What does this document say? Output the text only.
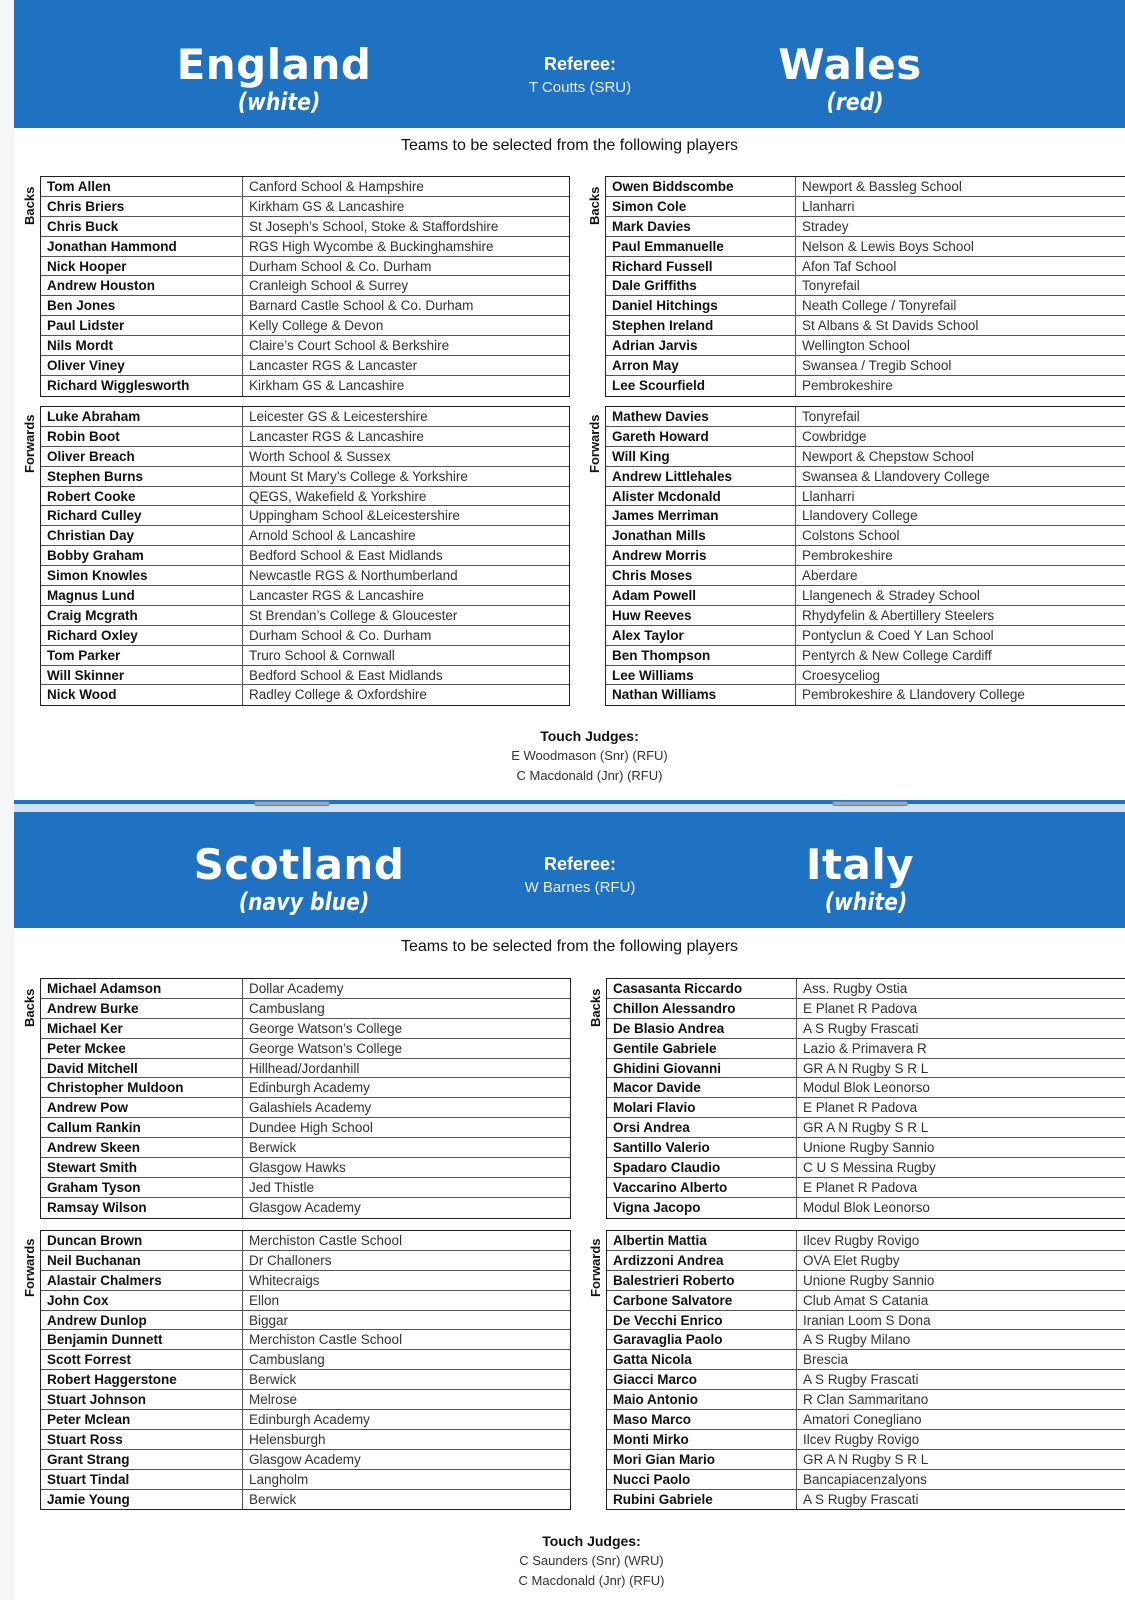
England
(white)
Referee:
T Coutts (SRU)	Wales
(red)
Teams to be selected from the following players
Backs
Tom Allen	Canford School & Hampshire
Chris Briers	Kirkham GS & Lancashire
Chris Buck	St Joseph’s School, Stoke & Staffordshire
Jonathan Hammond	RGS High Wycombe & Buckinghamshire
Nick Hooper	Durham School & Co. Durham
Andrew Houston	Cranleigh School & Surrey
Ben Jones	Barnard Castle School & Co. Durham
Paul Lidster	Kelly College & Devon
Nils Mordt	Claire’s Court School & Berkshire
Oliver Viney	Lancaster RGS & Lancaster
Richard Wigglesworth	Kirkham GS & Lancashire
Forwards Luke Abraham	Leicester GS & Leicestershire
Robin Boot	Lancaster RGS & Lancashire
Oliver Breach	Worth School & Sussex
Stephen Burns	Mount St Mary’s College & Yorkshire
Robert Cooke	QEGS, Wakefield & Yorkshire
Richard Culley	Uppingham School &Leicestershire
Christian Day	Arnold School & Lancashire
Bobby Graham	Bedford School & East Midlands
Simon Knowles	Newcastle RGS & Northumberland
Magnus Lund	Lancaster RGS & Lancashire
Craig Mcgrath	St Brendan’s College & Gloucester
Richard Oxley	Durham School & Co. Durham
Tom Parker	Truro School & Cornwall
Will Skinner	Bedford School & East Midlands
Nick Wood	Radley College & Oxfordshire
Backs
Owen Biddscombe	Newport & Bassleg School
Simon Cole	Llanharri
Mark Davies	Stradey
Paul Emmanuelle	Nelson & Lewis Boys School
Richard Fussell	Afon Taf School
Dale Griffiths	Tonyrefail
Daniel Hitchings	Neath College / Tonyrefail
Stephen Ireland	St Albans & St Davids School
Adrian Jarvis	Wellington School
Arron May	Swansea / Tregib School
Lee Scourfield	Pembrokeshire
Forwards Mathew Davies	Tonyrefail
Gareth Howard	Cowbridge
Will King	Newport & Chepstow School
Andrew Littlehales	Swansea & Llandovery College
Alister Mcdonald	Llanharri
James Merriman	Llandovery College
Jonathan Mills	Colstons School
Andrew Morris	Pembrokeshire
Chris Moses	Aberdare
Adam Powell	Llangenech & Stradey School
Huw Reeves	Rhydyfelin & Abertillery Steelers
Alex Taylor	Pontyclun & Coed Y Lan School
Ben Thompson	Pentyrch & New College Cardiff
Lee Williams	Croesyceliog
Nathan Williams	Pembrokeshire & Llandovery College
Touch Judges:
E Woodmason (Snr) (RFU)
C Macdonald (Jnr) (RFU)
Scotland
(navy blue)
Referee:
W Barnes (RFU)	Italy
(white)
Teams to be selected from the following players
Backs
Michael Adamson	Dollar Academy
Andrew Burke	Cambuslang
Michael Ker	George Watson’s College
Peter Mckee	George Watson’s College
David Mitchell	Hillhead/Jordanhill
Christopher Muldoon	Edinburgh Academy
Andrew Pow	Galashiels Academy
Callum Rankin	Dundee High School
Andrew Skeen	Berwick
Stewart Smith	Glasgow Hawks
Graham Tyson	Jed Thistle
Ramsay Wilson	Glasgow Academy
Forwards Duncan Brown	Merchiston Castle School
Neil Buchanan	Dr Challoners
Alastair Chalmers	Whitecraigs
John Cox	Ellon
Andrew Dunlop	Biggar
Benjamin Dunnett	Merchiston Castle School
Scott Forrest	Cambuslang
Robert Haggerstone	Berwick
Stuart Johnson	Melrose
Peter Mclean	Edinburgh Academy
Stuart Ross	Helensburgh
Grant Strang	Glasgow Academy
Stuart Tindal	Langholm
Jamie Young	Berwick
Backs
Casasanta Riccardo	Ass. Rugby Ostia
Chillon Alessandro	E Planet R Padova
De Blasio Andrea	A S Rugby Frascati
Gentile Gabriele	Lazio & Primavera R
Ghidini Giovanni	GR A N Rugby S R L
Macor Davide	Modul Blok Leonorso
Molari Flavio	E Planet R Padova
Orsi Andrea	GR A N Rugby S R L
Santillo Valerio	Unione Rugby Sannio
Spadaro Claudio	C U S Messina Rugby
Vaccarino Alberto	E Planet R Padova
Vigna Jacopo	Modul Blok Leonorso
Forwards Albertin Mattia	Ilcev Rugby Rovigo
Ardizzoni Andrea	OVA Elet Rugby
Balestrieri Roberto	Unione Rugby Sannio
Carbone Salvatore	Club Amat S Catania
De Vecchi Enrico	Iranian Loom S Dona
Garavaglia Paolo	A S Rugby Milano
Gatta Nicola	Brescia
Giacci Marco	A S Rugby Frascati
Maio Antonio	R Clan Sammaritano
Maso Marco	Amatori Conegliano
Monti Mirko	Ilcev Rugby Rovigo
Mori Gian Mario	GR A N Rugby S R L
Nucci Paolo	Bancapiacenzalyons
Rubini Gabriele	A S Rugby Frascati
Touch Judges:
C Saunders (Snr) (WRU)
C Macdonald (Jnr) (RFU)
